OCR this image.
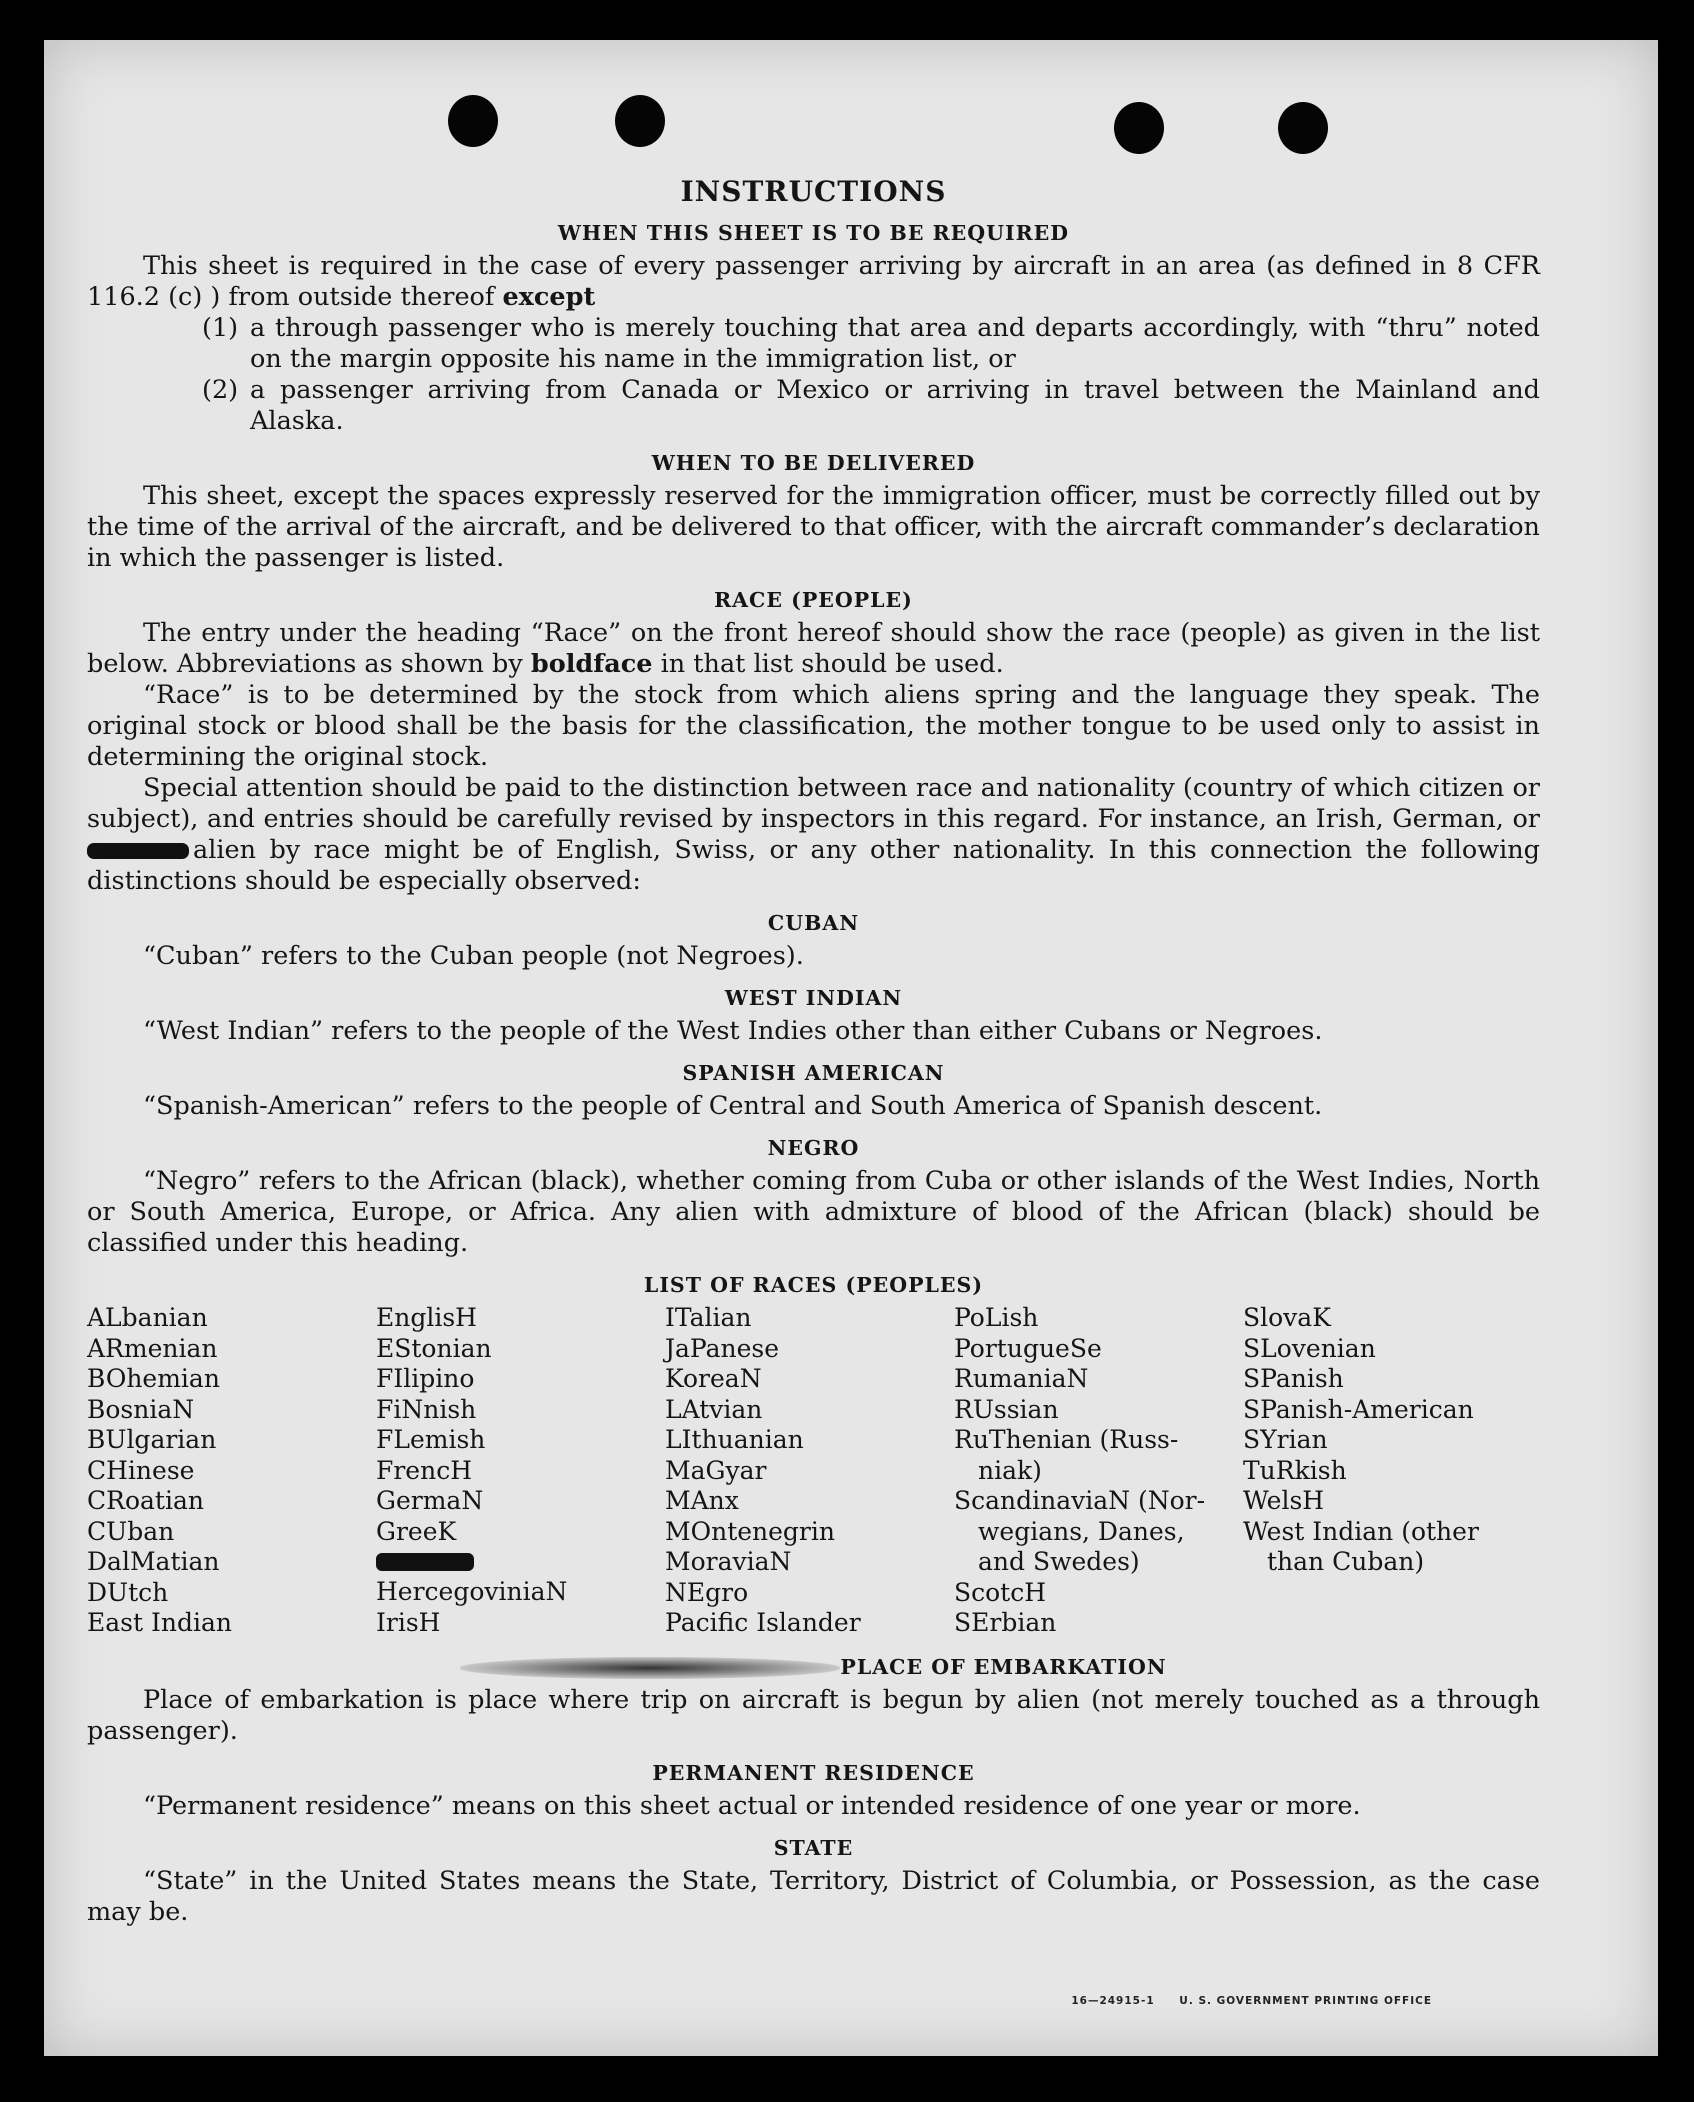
INSTRUCTIONS
WHEN THIS SHEET IS TO BE REQUIRED

This sheet is required in the case of every passenger arriving by aircraft in an area (as defined in 8 CFR 116.2 (c) ) from outside thereof except

(1) a through passenger who is merely touching that area and departs accordingly, with “thru” noted on the margin opposite his name in the immigration list, or
(2) a passenger arriving from Canada or Mexico or arriving in travel between the Mainland and Alaska.
WHEN TO BE DELIVERED

This sheet, except the spaces expressly reserved for the immigration officer, must be correctly filled out by the time of the arrival of the aircraft, and be delivered to that officer, with the aircraft commander’s declaration in which the passenger is listed.

RACE (PEOPLE)

The entry under the heading “Race” on the front hereof should show the race (people) as given in the list below. Abbreviations as shown by boldface in that list should be used.

“Race” is to be determined by the stock from which aliens spring and the language they speak. The original stock or blood shall be the basis for the classification, the mother tongue to be used only to assist in determining the original stock.

Special attention should be paid to the distinction between race and nationality (country of which citizen or subject), and entries should be carefully revised by inspectors in this regard. For instance, an Irish, German, or alien by race might be of English, Swiss, or any other nationality. In this connection the following distinctions should be especially observed:

CUBAN

“Cuban” refers to the Cuban people (not Negroes).

WEST INDIAN

“West Indian” refers to the people of the West Indies other than either Cubans or Negroes.

SPANISH AMERICAN

“Spanish-American” refers to the people of Central and South America of Spanish descent.

NEGRO

“Negro” refers to the African (black), whether coming from Cuba or other islands of the West Indies, North or South America, Europe, or Africa. Any alien with admixture of blood of the African (black) should be classified under this heading.

LIST OF RACES (PEOPLES)
ALbanian
ARmenian
BOhemian
BosniaN
BUlgarian
CHinese
CRoatian
CUban
DalMatian
DUtch
East Indian
EnglisH
EStonian
FIlipino
FiNnish
FLemish
FrencH
GermaN
GreeK
HercegoviniaN
IrisH
ITalian
JaPanese
KoreaN
LAtvian
LIthuanian
MaGyar
MAnx
MOntenegrin
MoraviaN
NEgro
Pacific Islander
PoLish
PortugueSe
RumaniaN
RUssian
RuThenian (Russ-
niak)
ScandinaviaN (Nor-
wegians, Danes,
and Swedes)
ScotcH
SErbian
SlovaK
SLovenian
SPanish
SPanish-American
SYrian
TuRkish
WelsH
West Indian (other
than Cuban)
PLACE OF EMBARKATION

Place of embarkation is place where trip on aircraft is begun by alien (not merely touched as a through passenger).

PERMANENT RESIDENCE

“Permanent residence” means on this sheet actual or intended residence of one year or more.

STATE

“State” in the United States means the State, Territory, District of Columbia, or Possession, as the case may be.

16—24915-1 U. S. GOVERNMENT PRINTING OFFICE
